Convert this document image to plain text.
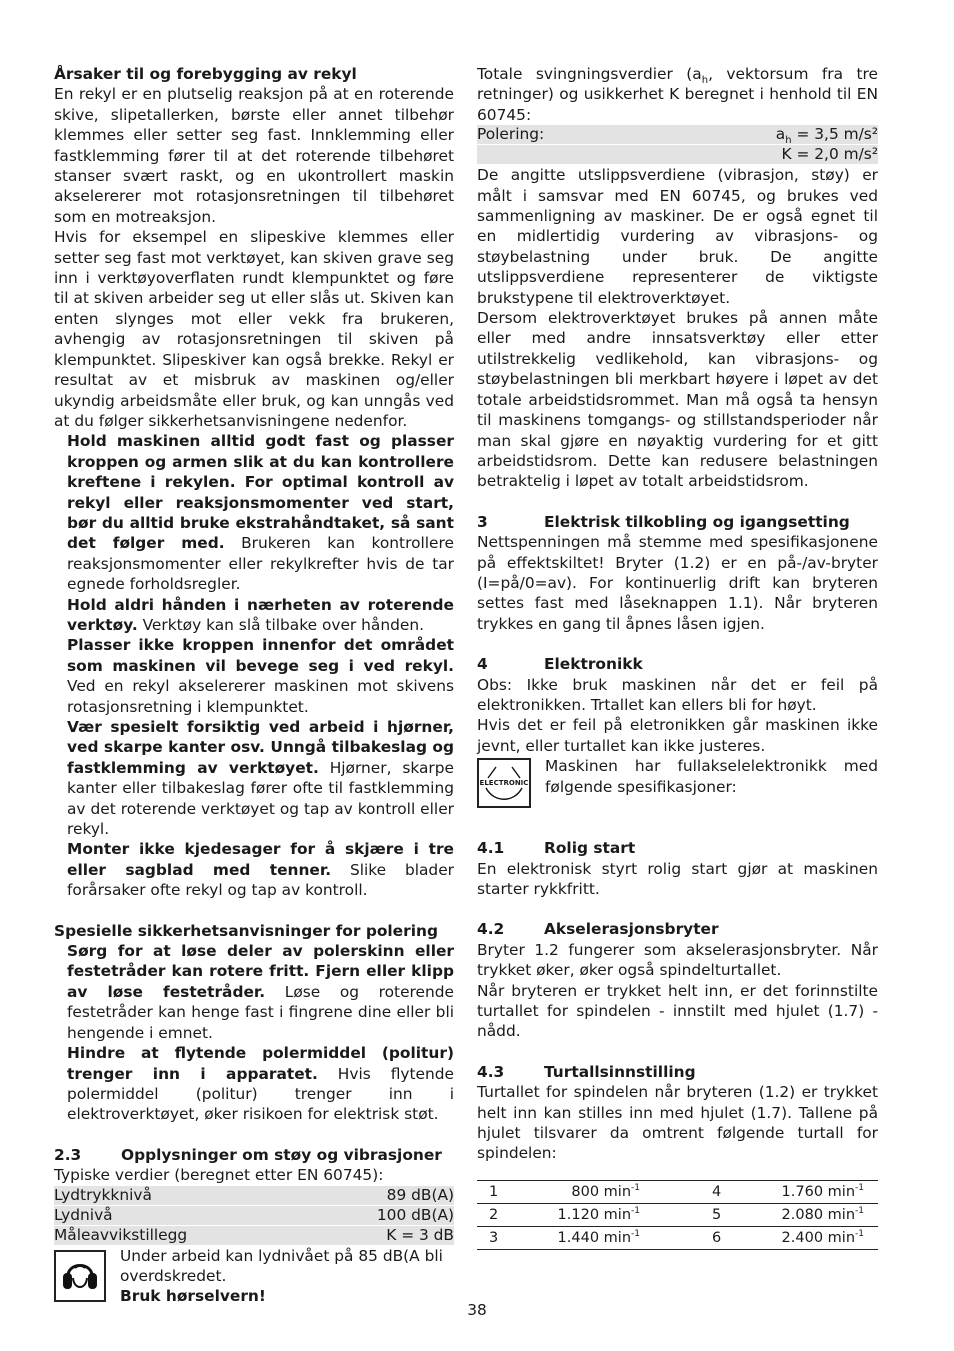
Årsaker til og forebygging av rekyl

En rekyl er en plutselig reaksjon på at en roterende skive, slipetallerken, børste eller annet tilbehør klemmes eller setter seg fast. Innklemming eller fastklemming fører til at det roterende tilbehøret stanser svært raskt, og en ukontrollert maskin akselererer mot rotasjonsretningen til tilbehøret som en motreaksjon.

Hvis for eksempel en slipeskive klemmes eller setter seg fast mot verktøyet, kan skiven grave seg inn i verktøyoverflaten rundt klempunktet og føre til at skiven arbeider seg ut eller slås ut. Skiven kan enten slynges mot eller vekk fra brukeren, avhengig av rotasjonsretningen til skiven på klempunktet. Slipeskiver kan også brekke. Rekyl er resultat av et misbruk av maskinen og/eller ukyndig arbeidsmåte eller bruk, og kan unngås ved at du følger sikkerhetsanvisningene nedenfor.

Hold maskinen alltid godt fast og plasser kroppen og armen slik at du kan kontrollere kreftene i rekylen. For optimal kontroll av rekyl eller reaksjonsmomenter ved start, bør du alltid bruke ekstrahåndtaket, så sant det følger med. Brukeren kan kontrollere reaksjonsmomenter eller rekylkrefter hvis de tar egnede forholdsregler.

Hold aldri hånden i nærheten av roterende verktøy. Verktøy kan slå tilbake over hånden.

Plasser ikke kroppen innenfor det området som maskinen vil bevege seg i ved rekyl. Ved en rekyl akselererer maskinen mot skivens rotasjonsretning i klempunktet.

Vær spesielt forsiktig ved arbeid i hjørner, ved skarpe kanter osv. Unngå tilbakeslag og fastklemming av verktøyet. Hjørner, skarpe kanter eller tilbakeslag fører ofte til fastklemming av det roterende verktøyet og tap av kontroll eller rekyl.

Monter ikke kjedesager for å skjære i tre eller sagblad med tenner. Slike blader forårsaker ofte rekyl og tap av kontroll.

Spesielle sikkerhetsanvisninger for polering

Sørg for at løse deler av polerskinn eller festetråder kan rotere fritt. Fjern eller klipp av løse festetråder. Løse og roterende festetråder kan henge fast i fingrene dine eller bli hengende i emnet.

Hindre at flytende polermiddel (politur) trenger inn i apparatet. Hvis flytende polermiddel (politur) trenger inn i elektroverktøyet, øker risikoen for elektrisk støt.

2.3	Opplysninger om støy og vibrasjoner

Typiske verdier (beregnet etter EN 60745):

Lydtrykknivå	89 dB(A)
Lydnivå	100 dB(A)
Måleavvikstillegg	K = 3 dB

Under arbeid kan lydnivået på 85 dB(A bli overdskredet.

Bruk hørselvern!

Totale svingningsverdier ($a_h$, vektorsum fra tre retninger) og usikkerhet K beregnet i henhold til EN 60745:

Polering:	$a_h = 3,5$ m/s²
K = 2,0 m/s²

De angitte utslippsverdiene (vibrasjon, støy) er målt i samsvar med EN 60745, og brukes ved sammenligning av maskiner. De er også egnet til en midlertidig vurdering av vibrasjons- og støybelastning under bruk. De angitte utslippsverdiene representerer de viktigste brukstypene til elektroverktøyet.

Dersom elektroverktøyet brukes på annen måte eller med andre innsatsverktøy eller etter utilstrekkelig vedlikehold, kan vibrasjons- og støybelastningen bli merkbart høyere i løpet av det totale arbeidstidsrommet. Man må også ta hensyn til maskinens tomgangs- og stillstandsperioder når man skal gjøre en nøyaktig vurdering for et gitt arbeidstidsrom. Dette kan redusere belastningen betraktelig i løpet av totalt arbeidstidsrom.

3	Elektrisk tilkobling og igangsetting

Nettspenningen må stemme med spesifikasjonene på effektskiltet! Bryter (1.2) er en på-/av-bryter (I=på/0=av). For kontinuerlig drift kan bryteren settes fast med låseknappen 1.1). Når bryteren trykkes en gang til åpnes låsen igjen.

4	Elektronikk

Obs: Ikke bruk maskinen når det er feil på elektronikken. Trtallet kan ellers bli for høyt.

Hvis det er feil på eletronikken går maskinen ikke jevnt, eller turtallet kan ikke justeres.

ELECTRONIC

Maskinen har fullakselelektronikk med følgende spesifikasjoner:

4.1	Rolig start

En elektronisk styrt rolig start gjør at maskinen starter rykkfritt.

4.2	Akselerasjonsbryter

Bryter 1.2 fungerer som akselerasjonsbryter. Når trykket øker, øker også spindelturtallet.

Når bryteren er trykket helt inn, er det forinnstilte turtallet for spindelen - innstilt med hjulet (1.7) - nådd.

4.3	Turtallsinnstilling

Turtallet for spindelen når bryteren (1.2) er trykket helt inn kan stilles inn med hjulet (1.7). Tallene på hjulet tilsvarer da omtrent følgende turtall for spindelen:

1	800 $\min^{-1}$	4	1.760 $\min^{-1}$
2	1.120 $\min^{-1}$	5	2.080 $\min^{-1}$
3	1.440 $\min^{-1}$	6	2.400 $\min^{-1}$
38
